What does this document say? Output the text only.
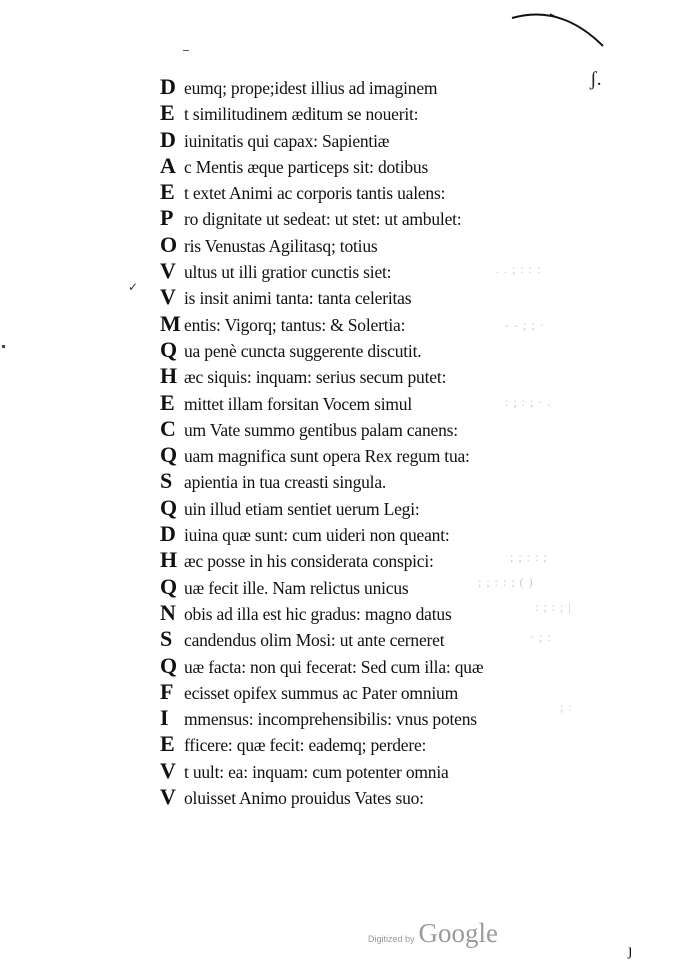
ʃ.
✓
. . ; : : :
- - ; ; ·
: ; : ; · .
; ; : : ;
; ; : : ; ( )
: ; : ; |
· ; :
; :
D eumq; prope;idest illius ad imaginem
E t similitudinem æditum se nouerit:
D iuinitatis qui capax: Sapientiæ
A c Mentis æque particeps sit: dotibus
E t extet Animi ac corporis tantis ualens:
P ro dignitate ut sedeat: ut stet: ut ambulet:
O ris Venustas Agilitasq; totius
V ultus ut illi gratior cunctis siet:
V is insit animi tanta: tanta celeritas
M entis: Vigorq; tantus: & Solertia:
Q ua penè cuncta suggerente discutit.
H æc siquis: inquam: serius secum putet:
E mittet illam forsitan Vocem simul
C um Vate summo gentibus palam canens:
Q uam magnifica sunt opera Rex regum tua:
S apientia in tua creasti singula.
Q uin illud etiam sentiet uerum Legi:
D iuina quæ sunt: cum uideri non queant:
H æc posse in his considerata conspici:
Q uæ fecit ille. Nam relictus unicus
N obis ad illa est hic gradus: magno datus
S candendus olim Mosi: ut ante cerneret
Q uæ facta: non qui fecerat: Sed cum illa: quæ
F ecisset opifex summus ac Pater omnium
I mmensus: incomprehensibilis: vnus potens
E fficere: quæ fecit: eademq; perdere:
V t uult: ea: inquam: cum potenter omnia
V oluisset Animo prouidus Vates suo:
Digitized by Google
ȷ
